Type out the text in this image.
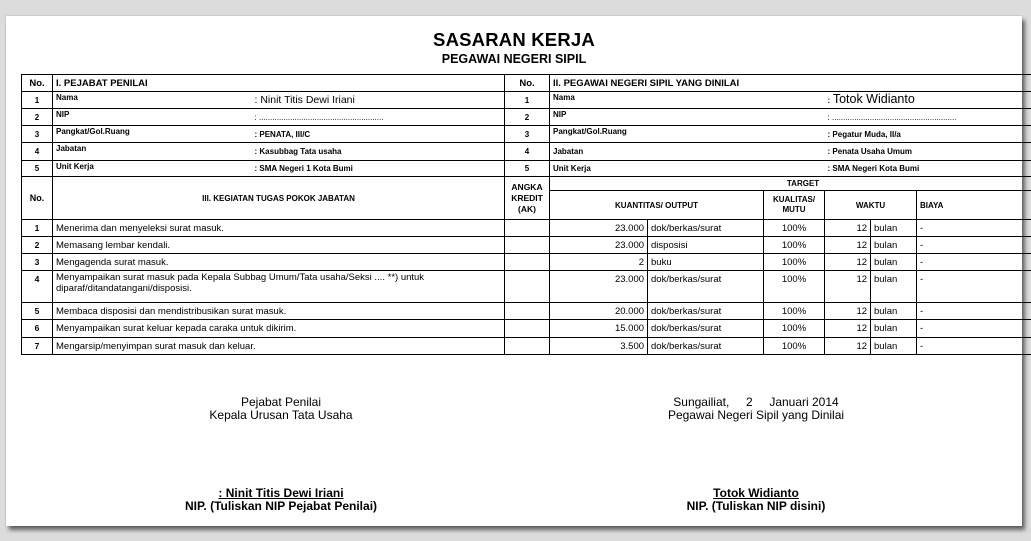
SASARAN KERJA
PEGAWAI NEGERI SIPIL
No.	I. PEJABAT PENILAI		No.	II. PEGAWAI NEGERI SIPIL YANG DINILAI					
1	Nama	: Ninit Titis Dewi Iriani	1	Nama			: Totok Widianto		
2	NIP	: ........................................................	2	NIP			: ........................................................		
3	Pangkat/Gol.Ruang	: PENATA, III/C	3	Pangkat/Gol.Ruang			: Pegatur Muda, II/a		
4	Jabatan	: Kasubbag Tata usaha	4	Jabatan			: Penata Usaha Umum		
5	Unit Kerja	: SMA Negeri 1 Kota Bumi	5	Unit Kerja			: SMA Negeri Kota Bumi		
No.	III. KEGIATAN TUGAS POKOK JABATAN		ANGKA KREDIT (AK)	TARGET					
				KUANTITAS/ OUTPUT		KUALITAS/ MUTU	WAKTU		BIAYA
1	Menerima dan menyeleksi surat masuk.			23.000	dok/berkas/surat	100%	12	bulan	-
2	Memasang lembar kendali.			23.000	disposisi	100%	12	bulan	-
3	Mengagenda surat masuk.			2	buku	100%	12	bulan	-
4	Menyampaikan surat masuk pada Kepala Subbag Umum/Tata usaha/Seksi .... **) untuk diparaf/ditandatangani/disposisi.			23.000	dok/berkas/surat	100%	12	bulan	-
5	Membaca disposisi dan mendistribusikan surat masuk.			20.000	dok/berkas/surat	100%	12	bulan	-
6	Menyampaikan surat keluar kepada caraka untuk dikirim.			15.000	dok/berkas/surat	100%	12	bulan	-
7	Mengarsip/menyimpan surat masuk dan keluar.			3.500	dok/berkas/surat	100%	12	bulan	-
Pejabat Penilai
Kepala Urusan Tata Usaha
: Ninit Titis Dewi Iriani
NIP. (Tuliskan NIP Pejabat Penilai)
Sungailiat,     2     Januari 2014
Pegawai Negeri Sipil yang Dinilai
Totok Widianto
NIP. (Tuliskan NIP disini)
